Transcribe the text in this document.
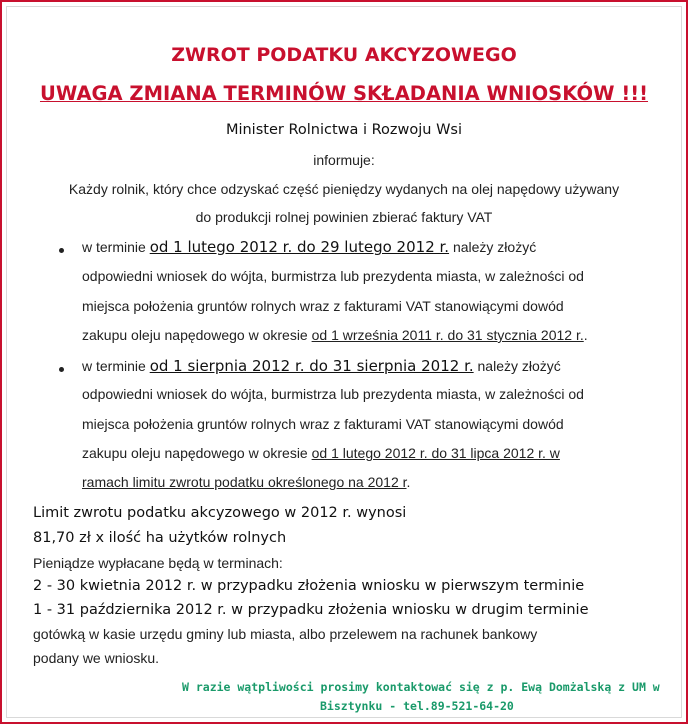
ZWROT PODATKU AKCYZOWEGO
UWAGA ZMIANA TERMINÓW SKŁADANIA WNIOSKÓW !!!
Minister Rolnictwa i Rozwoju Wsi
informuje:
Każdy rolnik, który chce odzyskać część pieniędzy wydanych na olej napędowy używany
do produkcji rolnej powinien zbierać faktury VAT
w terminie od 1 lutego 2012 r. do 29 lutego 2012 r. należy złożyć
odpowiedni wniosek do wójta, burmistrza lub prezydenta miasta, w zależności od
miejsca położenia gruntów rolnych wraz z fakturami VAT stanowiącymi dowód
zakupu oleju napędowego w okresie od 1 września 2011 r. do 31 stycznia 2012 r..
w terminie od 1 sierpnia 2012 r. do 31 sierpnia 2012 r. należy złożyć
odpowiedni wniosek do wójta, burmistrza lub prezydenta miasta, w zależności od
miejsca położenia gruntów rolnych wraz z fakturami VAT stanowiącymi dowód
zakupu oleju napędowego w okresie od 1 lutego 2012 r. do 31 lipca 2012 r. w
ramach limitu zwrotu podatku określonego na 2012 r.
Limit zwrotu podatku akcyzowego w 2012 r. wynosi
81,70 zł x ilość ha użytków rolnych
Pieniądze wypłacane będą w terminach:
2 - 30 kwietnia 2012 r. w przypadku złożenia wniosku w pierwszym terminie
1 - 31 października 2012 r. w przypadku złożenia wniosku w drugim terminie
gotówką w kasie urzędu gminy lub miasta, albo przelewem na rachunek bankowy
podany we wniosku.
W razie wątpliwości prosimy kontaktować się z p. Ewą Domżalską z UM w
Bisztynku - tel.89-521-64-20
